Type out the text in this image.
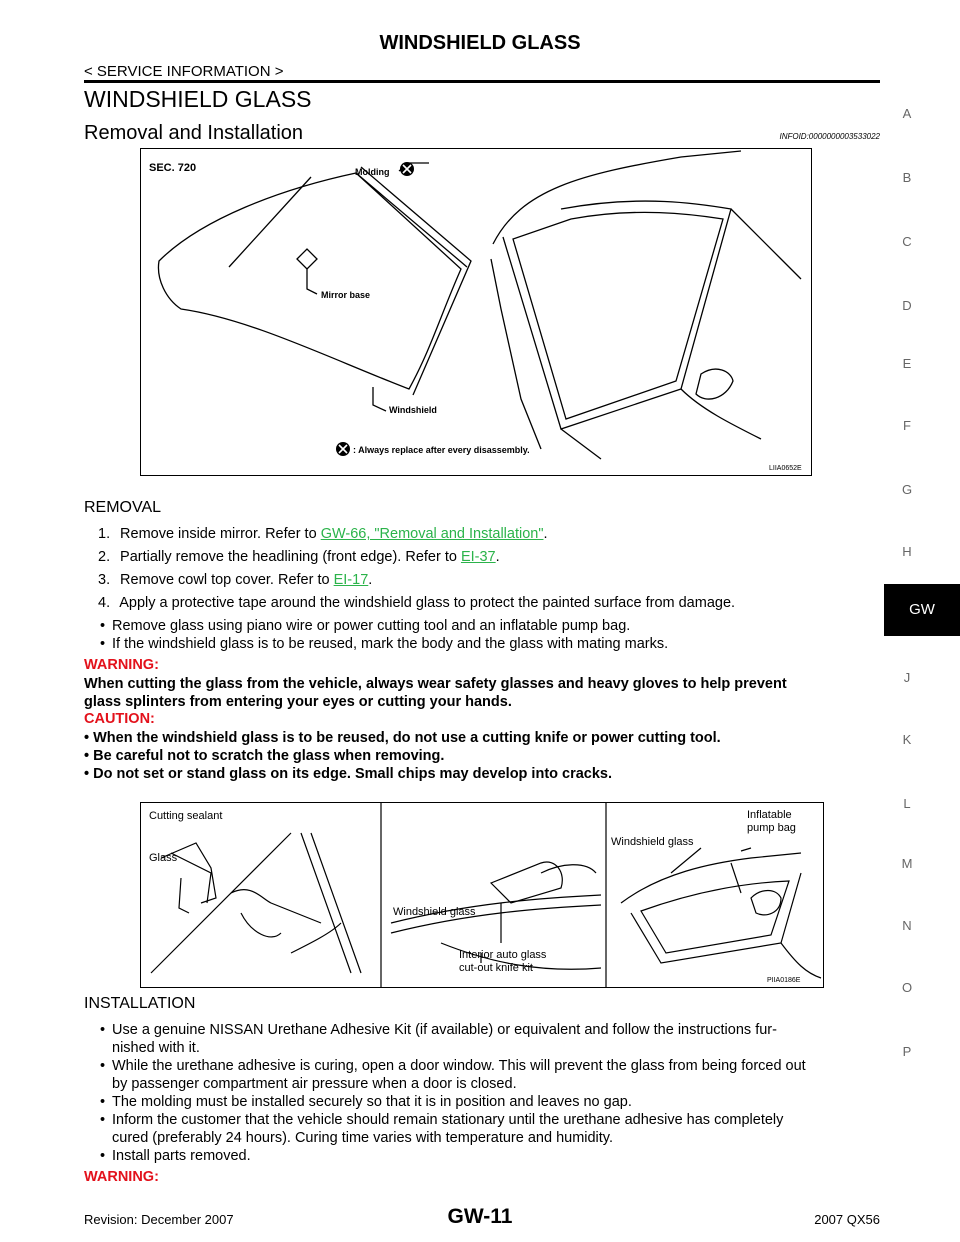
WINDSHIELD GLASS
< SERVICE INFORMATION >
WINDSHIELD GLASS
Removal and Installation	INFOID:0000000003533022
SEC. 720	Molding
Mirror base
Windshield
: Always replace after every disassembly.
LIIA0652E
REMOVAL
1. Remove inside mirror. Refer to GW-66, "Removal and Installation".
2. Partially remove the headlining (front edge). Refer to EI-37.
3. Remove cowl top cover. Refer to EI-17.
4. Apply a protective tape around the windshield glass to protect the painted surface from damage.
• Remove glass using piano wire or power cutting tool and an inflatable pump bag.
• If the windshield glass is to be reused, mark the body and the glass with mating marks.
WARNING:
When cutting the glass from the vehicle, always wear safety glasses and heavy gloves to help prevent
glass splinters from entering your eyes or cutting your hands.
CAUTION:
• When the windshield glass is to be reused, do not use a cutting knife or power cutting tool.
• Be careful not to scratch the glass when removing.
• Do not set or stand glass on its edge. Small chips may develop into cracks.
Cutting sealant
Glass
Windshield glass
Interior auto glass
cut-out knife kit
Windshield glass
Inflatable
pump bag
PIIA0186E
INSTALLATION
• Use a genuine NISSAN Urethane Adhesive Kit (if available) or equivalent and follow the instructions fur-
nished with it.
• While the urethane adhesive is curing, open a door window. This will prevent the glass from being forced out
by passenger compartment air pressure when a door is closed.
• The molding must be installed securely so that it is in position and leaves no gap.
• Inform the customer that the vehicle should remain stationary until the urethane adhesive has completely
cured (preferably 24 hours). Curing time varies with temperature and humidity.
• Install parts removed.
WARNING:
A
B
C
D
E
F
G
H
GW
J
K
L
M
N
O
P
Revision: December 2007	GW-11	2007 QX56
